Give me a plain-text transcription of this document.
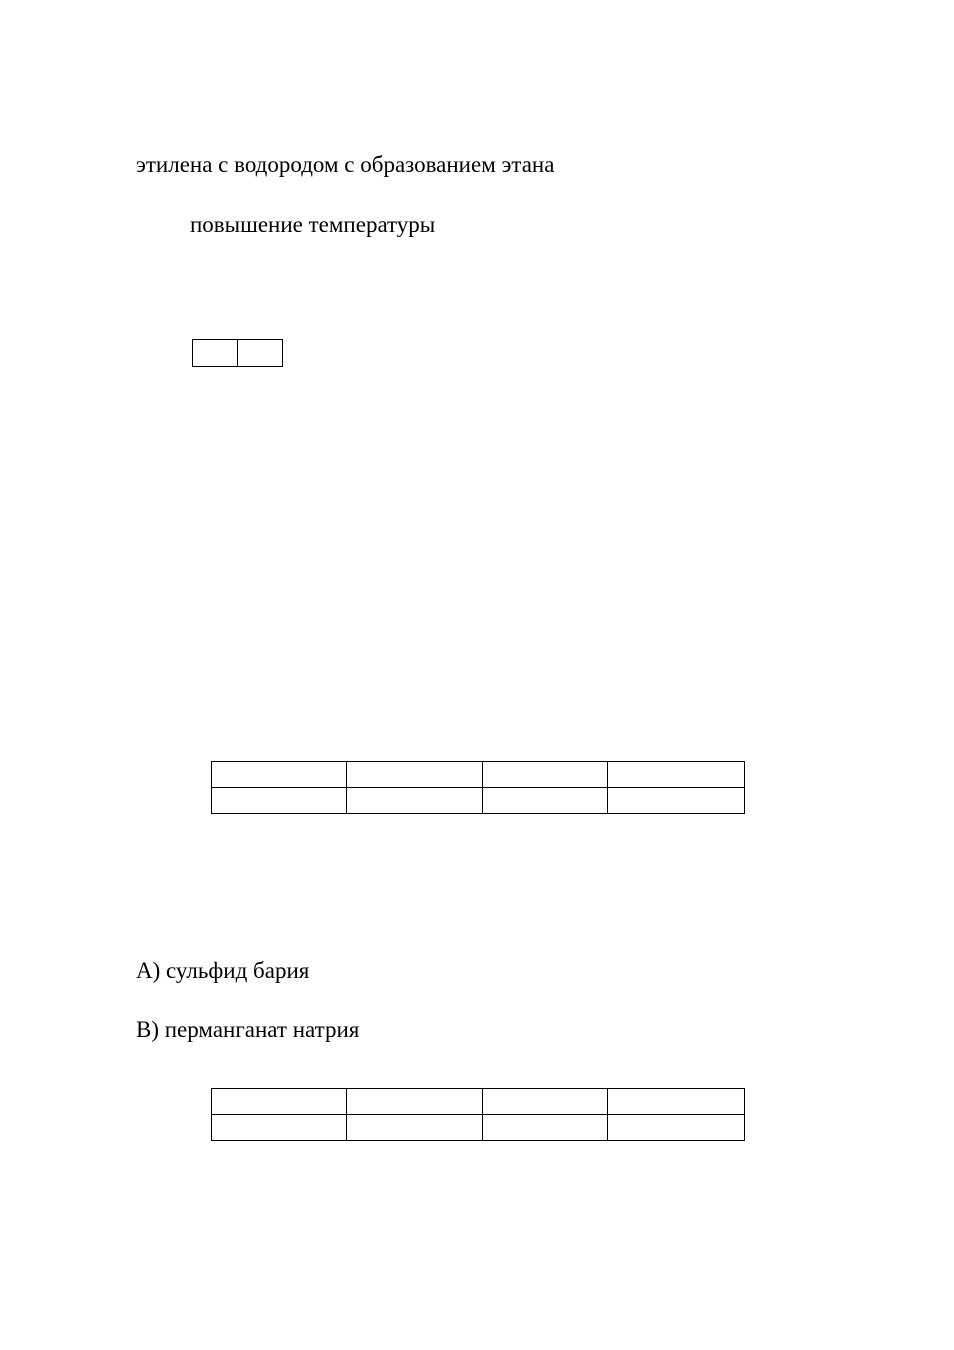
этилена с водородом с образованием этана
повышение температуры

А) сульфид бария
В) перманганат натрия
